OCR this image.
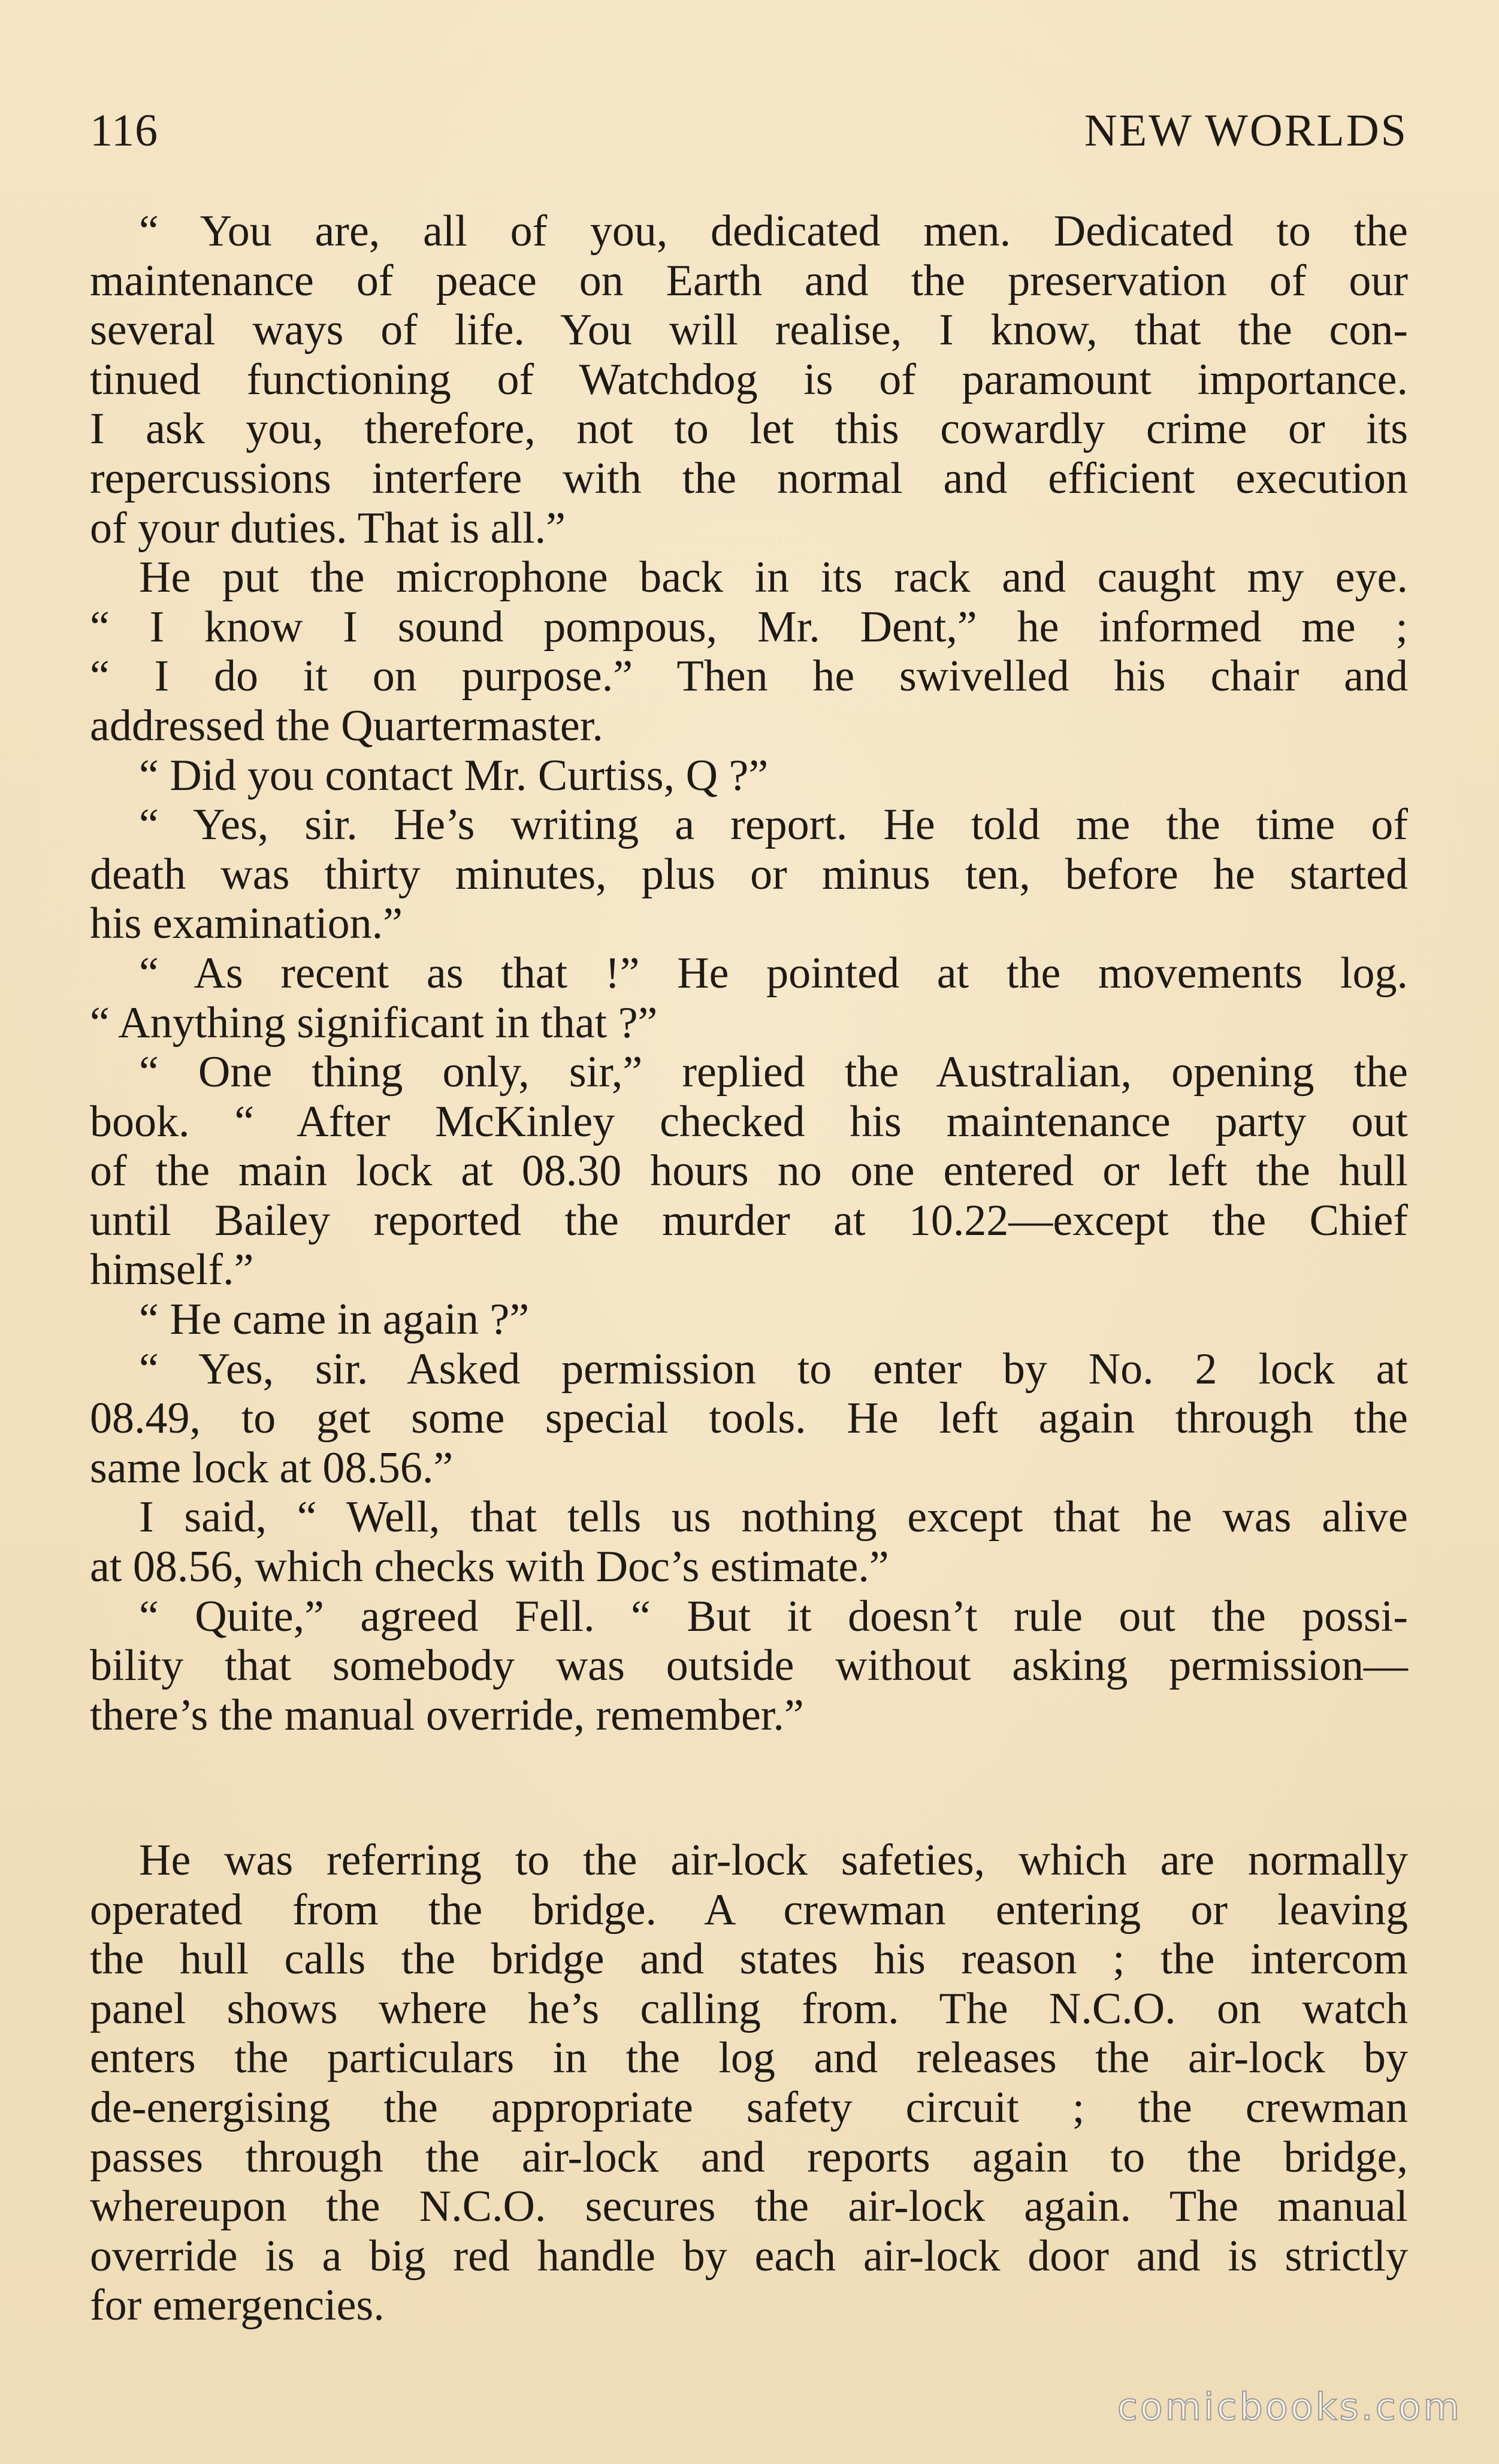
116	NEW WORLDS
“ You are, all of you, dedicated men. Dedicated to the
maintenance of peace on Earth and the preservation of our
several ways of life. You will realise, I know, that the con-
tinued functioning of Watchdog is of paramount importance.
I ask you, therefore, not to let this cowardly crime or its
repercussions interfere with the normal and efficient execution
of your duties. That is all.”
He put the microphone back in its rack and caught my eye.
“ I know I sound pompous, Mr. Dent,” he informed me ;
“ I do it on purpose.” Then he swivelled his chair and
addressed the Quartermaster.
“ Did you contact Mr. Curtiss, Q ?”
“ Yes, sir. He’s writing a report. He told me the time of
death was thirty minutes, plus or minus ten, before he started
his examination.”
“ As recent as that !” He pointed at the movements log.
“ Anything significant in that ?”
“ One thing only, sir,” replied the Australian, opening the
book. “ After McKinley checked his maintenance party out
of the main lock at 08.30 hours no one entered or left the hull
until Bailey reported the murder at 10.22—except the Chief
himself.”
“ He came in again ?”
“ Yes, sir. Asked permission to enter by No. 2 lock at
08.49, to get some special tools. He left again through the
same lock at 08.56.”
I said, “ Well, that tells us nothing except that he was alive
at 08.56, which checks with Doc’s estimate.”
“ Quite,” agreed Fell. “ But it doesn’t rule out the possi-
bility that somebody was outside without asking permission—
there’s the manual override, remember.”
He was referring to the air-lock safeties, which are normally
operated from the bridge. A crewman entering or leaving
the hull calls the bridge and states his reason ; the intercom
panel shows where he’s calling from. The N.C.O. on watch
enters the particulars in the log and releases the air-lock by
de-energising the appropriate safety circuit ; the crewman
passes through the air-lock and reports again to the bridge,
whereupon the N.C.O. secures the air-lock again. The manual
override is a big red handle by each air-lock door and is strictly
for emergencies.
comicbooks.com
